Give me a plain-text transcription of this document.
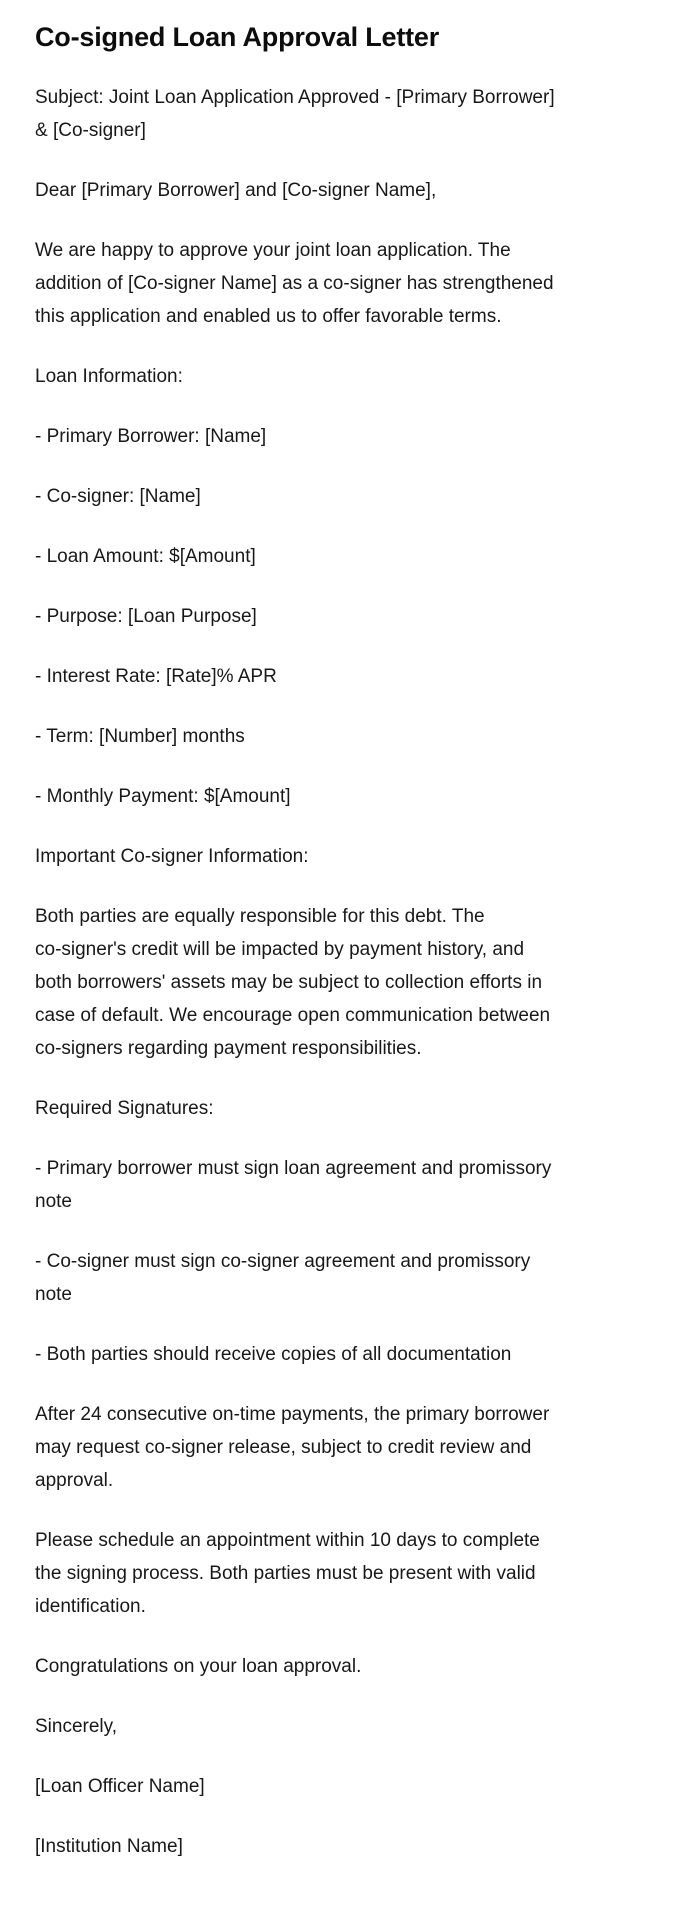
Co-signed Loan Approval Letter

Subject: Joint Loan Application Approved - [Primary Borrower]
& [Co-signer]

Dear [Primary Borrower] and [Co-signer Name],

We are happy to approve your joint loan application. The
addition of [Co-signer Name] as a co-signer has strengthened
this application and enabled us to offer favorable terms.

Loan Information:

- Primary Borrower: [Name]

- Co-signer: [Name]

- Loan Amount: $[Amount]

- Purpose: [Loan Purpose]

- Interest Rate: [Rate]% APR

- Term: [Number] months

- Monthly Payment: $[Amount]

Important Co-signer Information:

Both parties are equally responsible for this debt. The
co-signer's credit will be impacted by payment history, and
both borrowers' assets may be subject to collection efforts in
case of default. We encourage open communication between
co-signers regarding payment responsibilities.

Required Signatures:

- Primary borrower must sign loan agreement and promissory
note

- Co-signer must sign co-signer agreement and promissory
note

- Both parties should receive copies of all documentation

After 24 consecutive on-time payments, the primary borrower
may request co-signer release, subject to credit review and
approval.

Please schedule an appointment within 10 days to complete
the signing process. Both parties must be present with valid
identification.

Congratulations on your loan approval.

Sincerely,

[Loan Officer Name]

[Institution Name]
